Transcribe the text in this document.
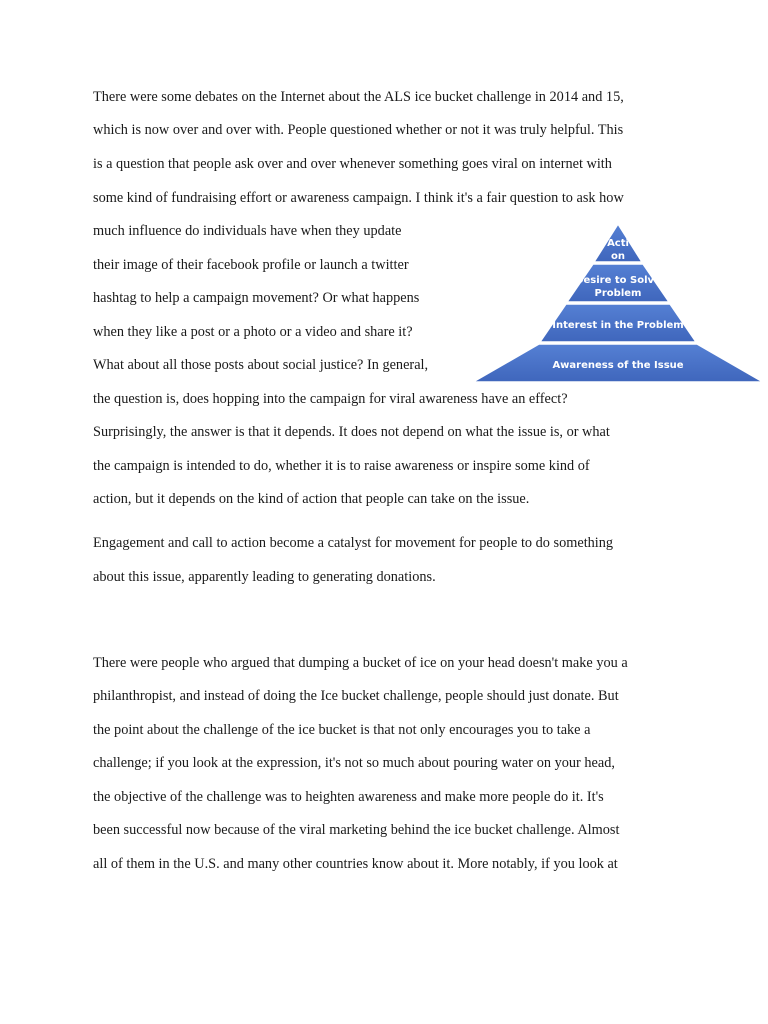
There were some debates on the Internet about the ALS ice bucket challenge in 2014 and 15,
which is now over and over with. People questioned whether or not it was truly helpful. This
is a question that people ask over and over whenever something goes viral on internet with
some kind of fundraising effort or awareness campaign. I think it's a fair question to ask how
much influence do individuals have when they update
their image of their facebook profile or launch a twitter
hashtag to help a campaign movement? Or what happens
when they like a post or a photo or a video and share it?
What about all those posts about social justice? In general,
the question is, does hopping into the campaign for viral awareness have an effect?
Surprisingly, the answer is that it depends. It does not depend on what the issue is, or what
the campaign is intended to do, whether it is to raise awareness or inspire some kind of
action, but it depends on the kind of action that people can take on the issue.
Engagement and call to action become a catalyst for movement for people to do something
about this issue, apparently leading to generating donations.
There were people who argued that dumping a bucket of ice on your head doesn't make you a
philanthropist, and instead of doing the Ice bucket challenge, people should just donate. But
the point about the challenge of the ice bucket is that not only encourages you to take a
challenge; if you look at the expression, it's not so much about pouring water on your head,
the objective of the challenge was to heighten awareness and make more people do it. It's
been successful now because of the viral marketing behind the ice bucket challenge. Almost
all of them in the U.S. and many other countries know about it. More notably, if you look at
Acti
on
Desire to Solve
Problem
Interest in the Problem
Awareness of the Issue
